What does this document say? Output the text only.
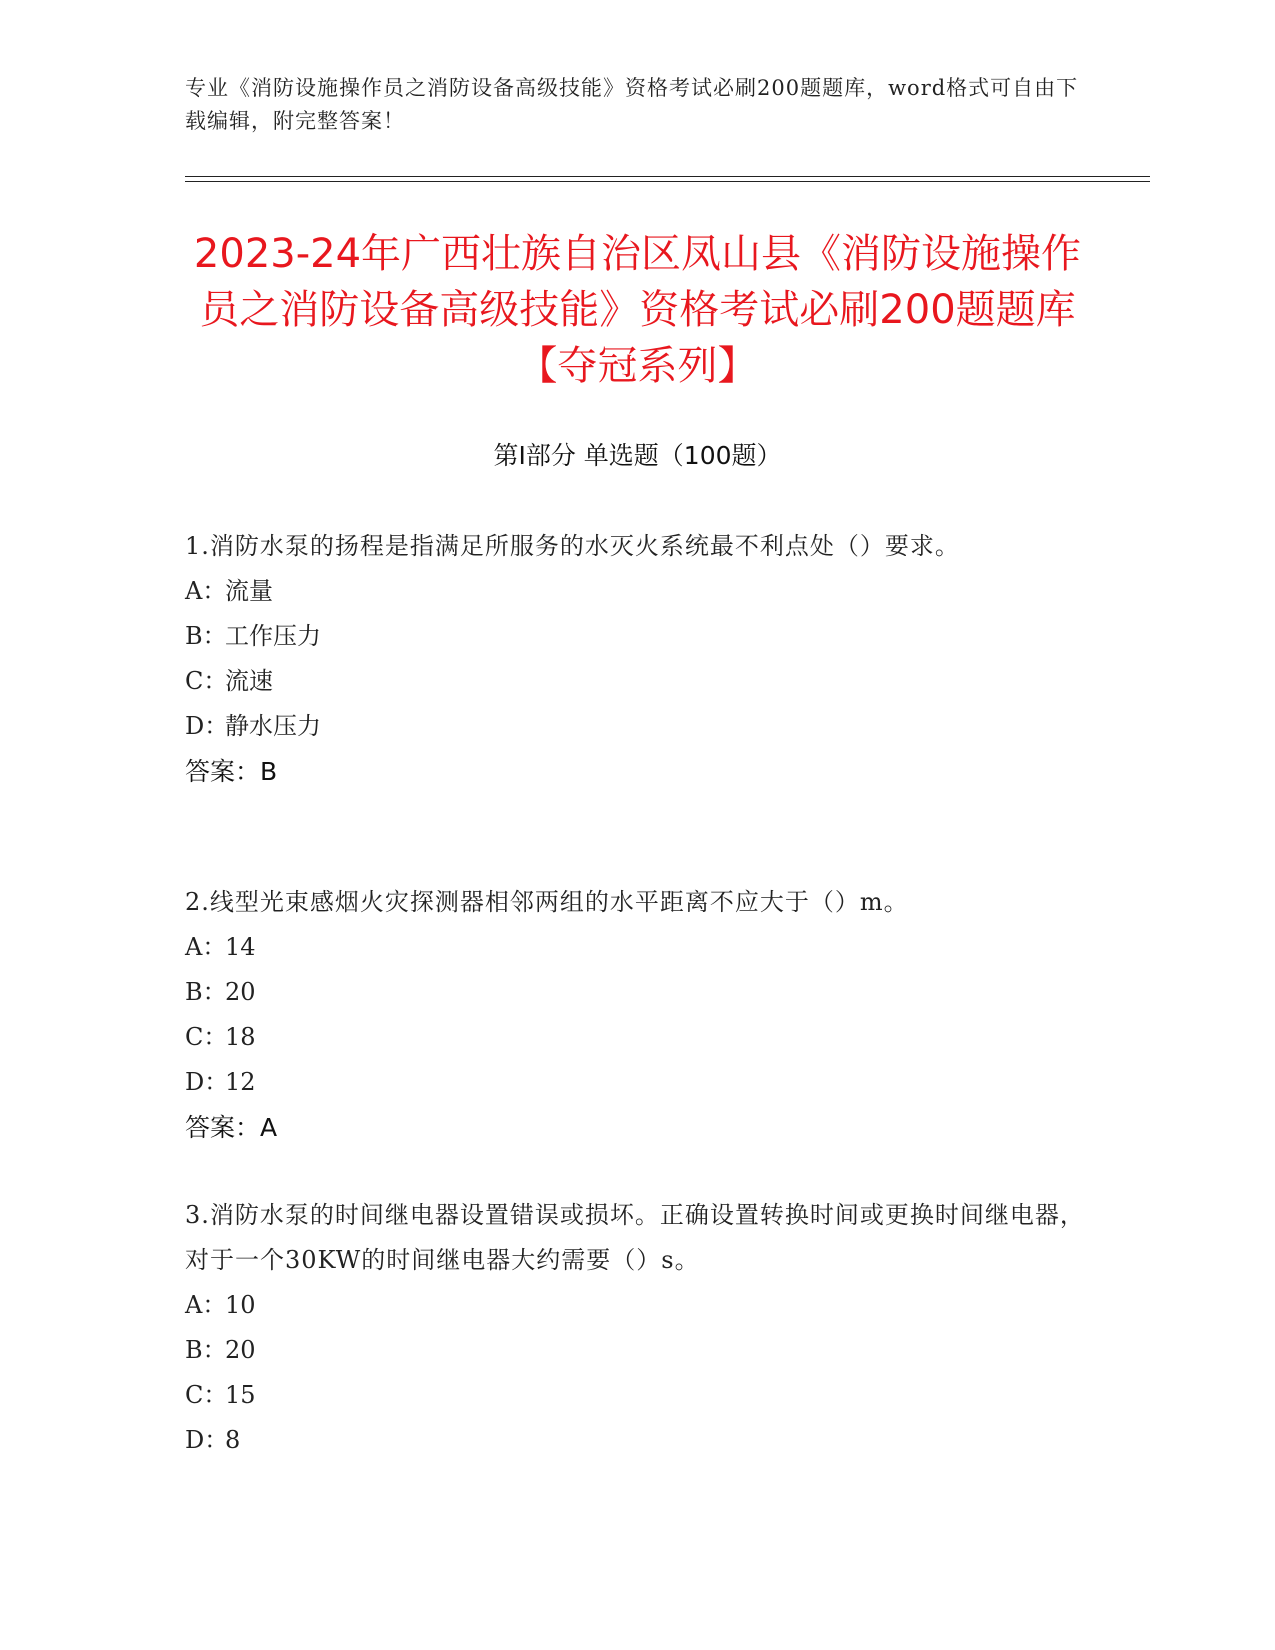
专业《消防设施操作员之消防设备高级技能》资格考试必刷200题题库，word格式可自由下载编辑，附完整答案！
2023-24年广西壮族自治区凤山县《消防设施操作员之消防设备高级技能》资格考试必刷200题题库【夺冠系列】
第Ⅰ部分 单选题（100题）
1.消防水泵的扬程是指满足所服务的水灭火系统最不利点处（）要求。
A：流量
B：工作压力
C：流速
D：静水压力
答案：B
2.线型光束感烟火灾探测器相邻两组的水平距离不应大于（）m。
A：14
B：20
C：18
D：12
答案：A
3.消防水泵的时间继电器设置错误或损坏。正确设置转换时间或更换时间继电器，对于一个30KW的时间继电器大约需要（）s。
A：10
B：20
C：15
D：8
